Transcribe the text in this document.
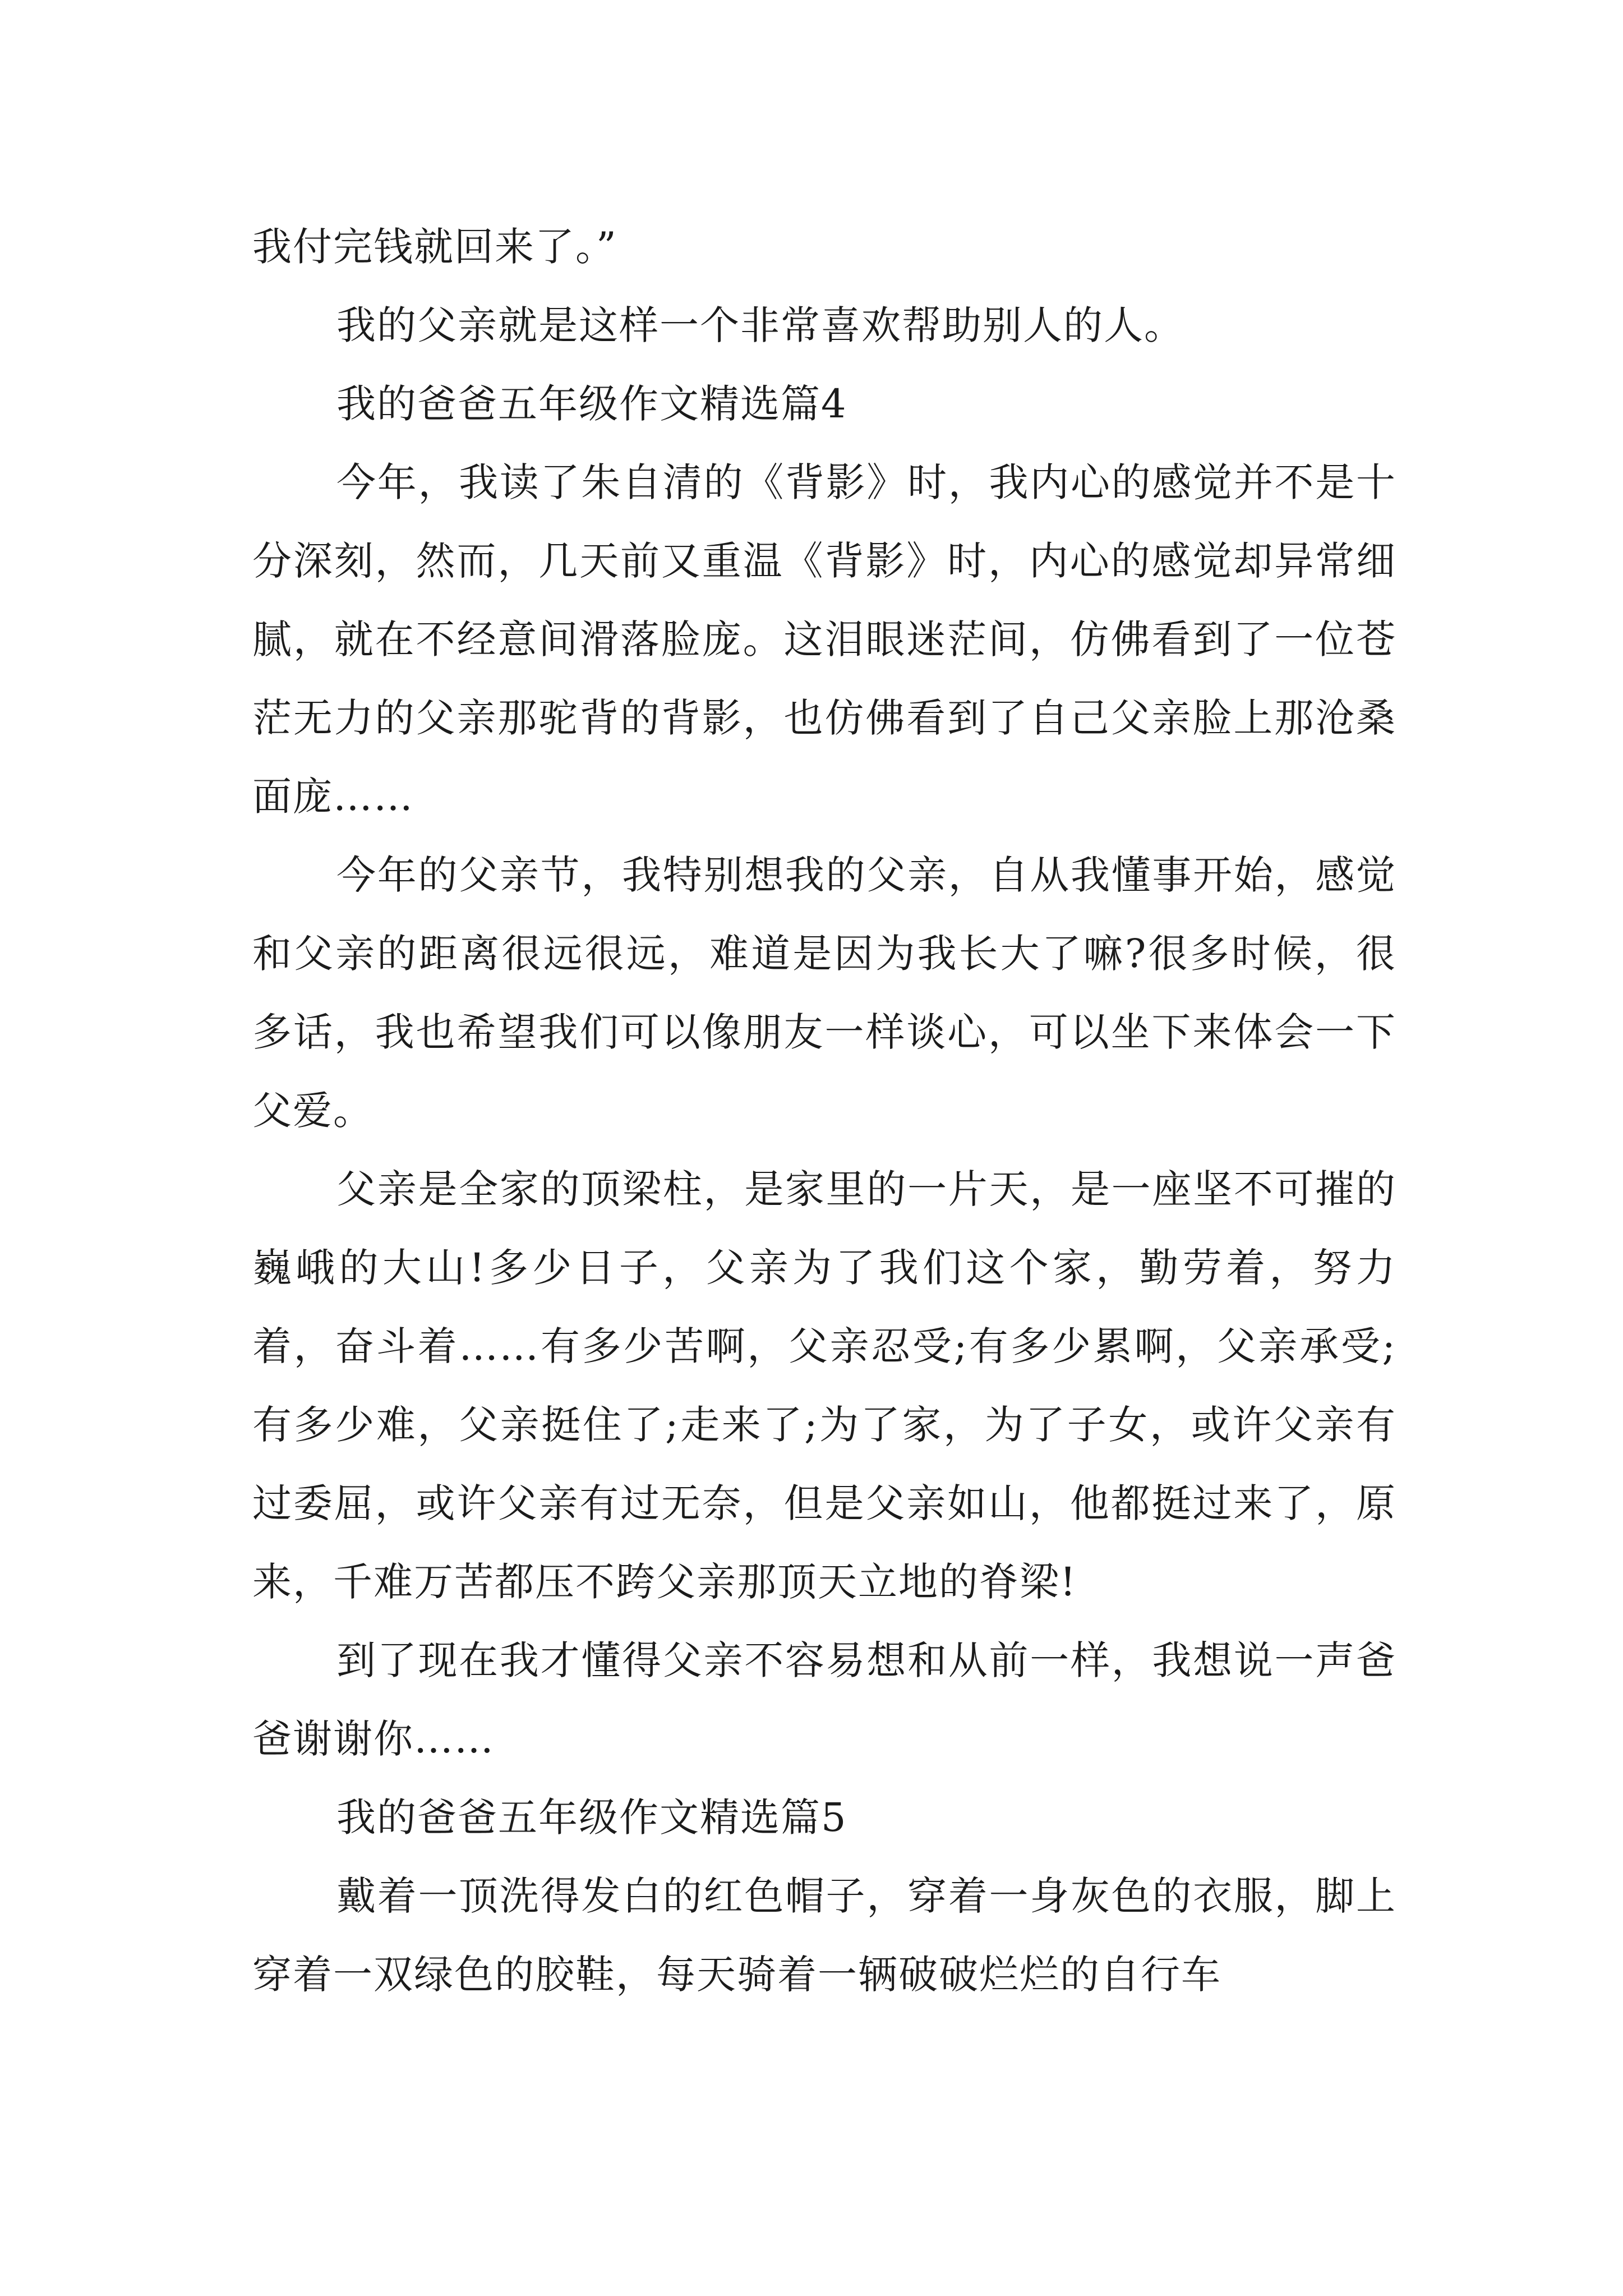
我付完钱就回来了。”

我的父亲就是这样一个非常喜欢帮助别人的人。

我的爸爸五年级作文精选篇4

今年，我读了朱自清的《背影》时，我内心的感觉并不是十分深刻，然而，几天前又重温《背影》时，内心的感觉却异常细腻，就在不经意间滑落脸庞。这泪眼迷茫间，仿佛看到了一位苍茫无力的父亲那驼背的背影，也仿佛看到了自己父亲脸上那沧桑面庞……

今年的父亲节，我特别想我的父亲，自从我懂事开始，感觉和父亲的距离很远很远，难道是因为我长大了嘛?很多时候，很多话，我也希望我们可以像朋友一样谈心，可以坐下来体会一下父爱。

父亲是全家的顶梁柱，是家里的一片天，是一座坚不可摧的巍峨的大山!多少日子，父亲为了我们这个家，勤劳着，努力着，奋斗着……有多少苦啊，父亲忍受;有多少累啊，父亲承受;有多少难，父亲挺住了;走来了;为了家，为了子女，或许父亲有过委屈，或许父亲有过无奈，但是父亲如山，他都挺过来了，原来，千难万苦都压不跨父亲那顶天立地的脊梁!

到了现在我才懂得父亲不容易想和从前一样，我想说一声爸爸谢谢你……

我的爸爸五年级作文精选篇5

戴着一顶洗得发白的红色帽子，穿着一身灰色的衣服，脚上穿着一双绿色的胶鞋，每天骑着一辆破破烂烂的自行车
